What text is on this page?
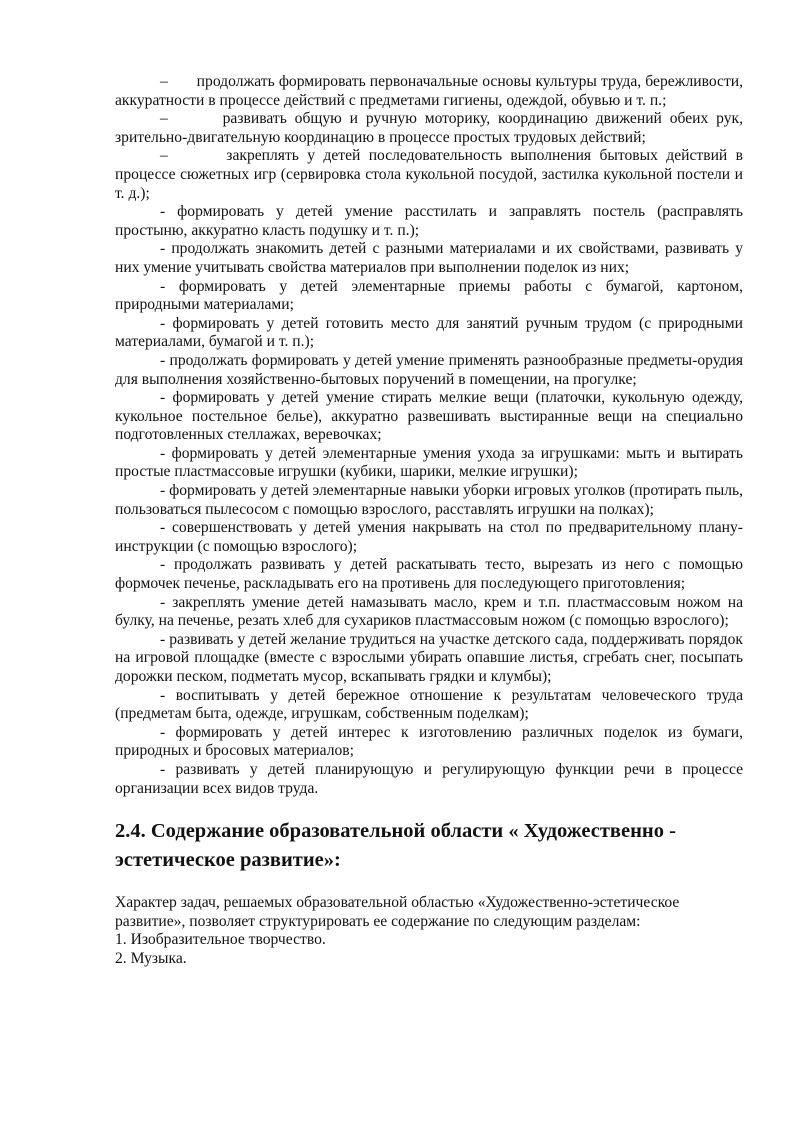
–       продолжать формировать первоначальные основы культуры труда, бережливости, аккуратности в процессе действий с предметами гигиены, одеждой, обувью и т. п.;

–       развивать общую и ручную моторику, координацию движений обеих рук, зрительно-двигательную координацию в процессе простых трудовых действий;

–       закреплять у детей последовательность выполнения бытовых действий в процессе сюжетных игр (сервировка стола кукольной посудой, застилка кукольной постели и т. д.);

- формировать у детей умение расстилать и заправлять постель (расправлять простыню, аккуратно класть подушку и т. п.);

- продолжать знакомить детей с разными материалами и их свойствами, развивать у них умение учитывать свойства материалов при выполнении поделок из них;

- формировать у детей элементарные приемы работы с бумагой, картоном, природными материалами;

- формировать у детей готовить место для занятий ручным трудом (с природными материалами, бумагой и т. п.);

- продолжать формировать у детей умение применять разнообразные предметы-орудия для выполнения хозяйственно-бытовых поручений в помещении, на прогулке;

- формировать у детей умение стирать мелкие вещи (платочки, кукольную одежду, кукольное постельное белье), аккуратно развешивать выстиранные вещи на специально подготовленных стеллажах, веревочках;

- формировать у детей элементарные умения ухода за игрушками: мыть и вытирать простые пластмассовые игрушки (кубики, шарики, мелкие игрушки);

- формировать у детей элементарные навыки уборки игровых уголков (протирать пыль, пользоваться пылесосом с помощью взрослого, расставлять игрушки на полках);

- совершенствовать у детей умения накрывать на стол по предварительному плану-инструкции (с помощью взрослого);

- продолжать развивать у детей раскатывать тесто, вырезать из него с помощью формочек печенье, раскладывать его на противень для последующего приготовления;

- закреплять умение детей намазывать масло, крем и т.п. пластмассовым ножом на булку, на печенье, резать хлеб для сухариков пластмассовым ножом (с помощью взрослого);

- развивать у детей желание трудиться на участке детского сада, поддерживать порядок на игровой площадке (вместе с взрослыми убирать опавшие листья, сгребать снег, посыпать дорожки песком, подметать мусор, вскапывать грядки и клумбы);

- воспитывать у детей бережное отношение к результатам человеческого труда (предметам быта, одежде, игрушкам, собственным поделкам);

- формировать у детей интерес к изготовлению различных поделок из бумаги, природных и бросовых материалов;

- развивать у детей планирующую и регулирующую функции речи в процессе организации всех видов труда.

2.4. Содержание образовательной области « Художественно -
эстетическое развитие»:
Характер задач, решаемых образовательной областью «Художественно-эстетическое
развитие», позволяет структурировать ее содержание по следующим разделам:
1. Изобразительное творчество.
2. Музыка.
